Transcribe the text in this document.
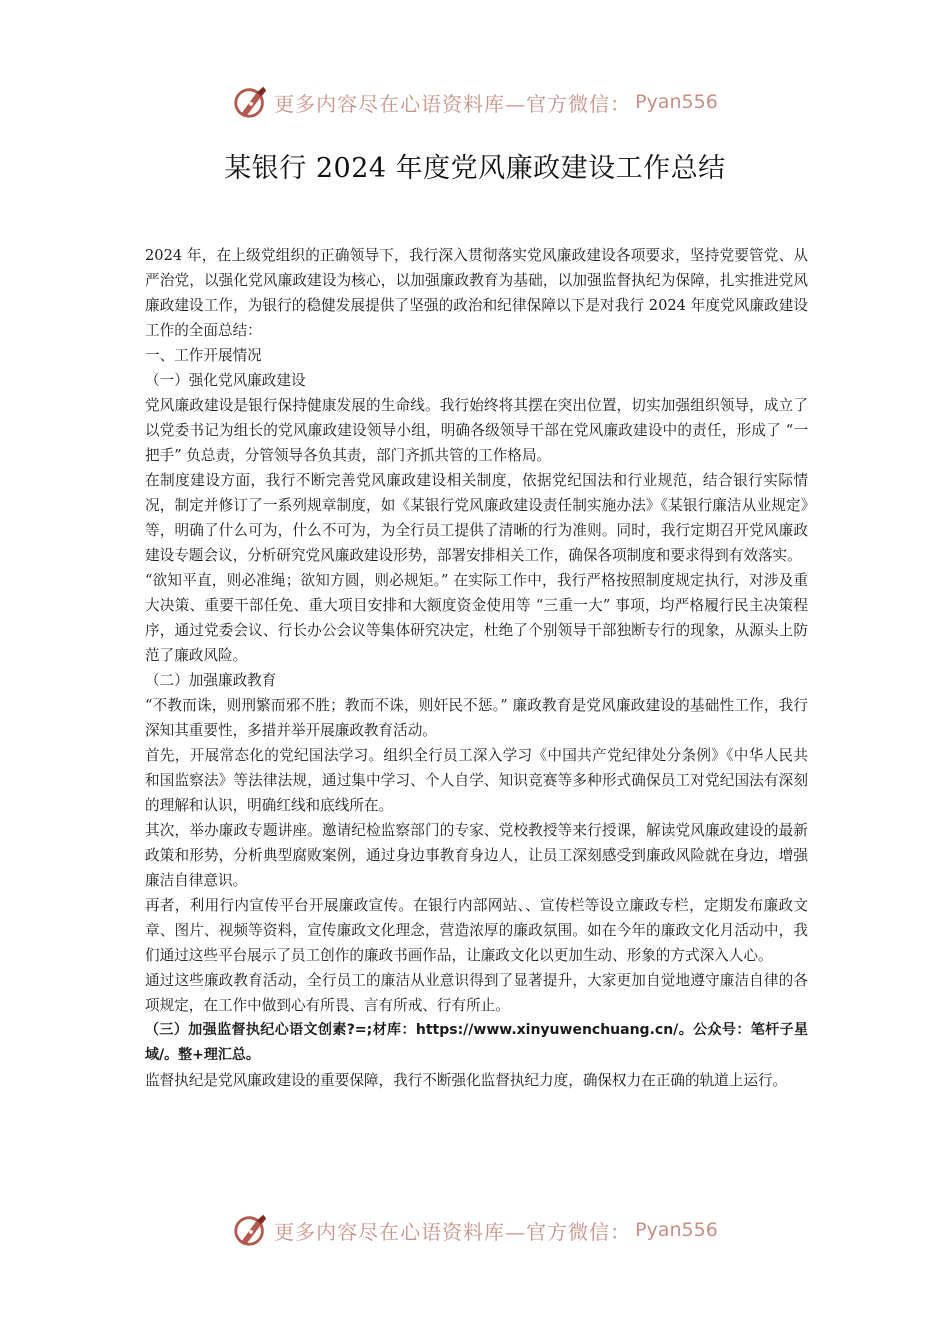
更多内容尽在心语资料库—官方微信： Pyan556
某银行 2024 年度党风廉政建设工作总结

2024 年，在上级党组织的正确领导下，我行深入贯彻落实党风廉政建设各项要求，坚持党要管党、从严治党，以强化党风廉政建设为核心，以加强廉政教育为基础，以加强监督执纪为保障，扎实推进党风廉政建设工作，为银行的稳健发展提供了坚强的政治和纪律保障以下是对我行 2024 年度党风廉政建设工作的全面总结：

一、工作开展情况

（一）强化党风廉政建设

党风廉政建设是银行保持健康发展的生命线。我行始终将其摆在突出位置，切实加强组织领导，成立了以党委书记为组长的党风廉政建设领导小组，明确各级领导干部在党风廉政建设中的责任，形成了 “一把手” 负总责，分管领导各负其责，部门齐抓共管的工作格局。

在制度建设方面，我行不断完善党风廉政建设相关制度，依据党纪国法和行业规范，结合银行实际情况，制定并修订了一系列规章制度，如《某银行党风廉政建设责任制实施办法》《某银行廉洁从业规定》等，明确了什么可为，什么不可为，为全行员工提供了清晰的行为准则。同时，我行定期召开党风廉政建设专题会议，分析研究党风廉政建设形势，部署安排相关工作，确保各项制度和要求得到有效落实。

“欲知平直，则必准绳；欲知方圆，则必规矩。” 在实际工作中，我行严格按照制度规定执行，对涉及重大决策、重要干部任免、重大项目安排和大额度资金使用等 “三重一大” 事项，均严格履行民主决策程序，通过党委会议、行长办公会议等集体研究决定，杜绝了个别领导干部独断专行的现象，从源头上防范了廉政风险。

（二）加强廉政教育

“不教而诛，则刑繁而邪不胜；教而不诛，则奸民不惩。” 廉政教育是党风廉政建设的基础性工作，我行深知其重要性，多措并举开展廉政教育活动。

首先，开展常态化的党纪国法学习。组织全行员工深入学习《中国共产党纪律处分条例》《中华人民共和国监察法》等法律法规，通过集中学习、个人自学、知识竞赛等多种形式确保员工对党纪国法有深刻的理解和认识，明确红线和底线所在。

其次，举办廉政专题讲座。邀请纪检监察部门的专家、党校教授等来行授课，解读党风廉政建设的最新政策和形势，分析典型腐败案例，通过身边事教育身边人，让员工深刻感受到廉政风险就在身边，增强廉洁自律意识。

再者，利用行内宣传平台开展廉政宣传。在银行内部网站、、宣传栏等设立廉政专栏，定期发布廉政文章、图片、视频等资料，宣传廉政文化理念，营造浓厚的廉政氛围。如在今年的廉政文化月活动中，我们通过这些平台展示了员工创作的廉政书画作品，让廉政文化以更加生动、形象的方式深入人心。

通过这些廉政教育活动，全行员工的廉洁从业意识得到了显著提升，大家更加自觉地遵守廉洁自律的各项规定，在工作中做到心有所畏、言有所戒、行有所止。

（三）加强监督执纪心语文创素?=;材库：https://www.xinyuwenchuang.cn/。公众号：笔杆子星域/。整+理汇总。

监督执纪是党风廉政建设的重要保障，我行不断强化监督执纪力度，确保权力在正确的轨道上运行。

更多内容尽在心语资料库—官方微信： Pyan556
